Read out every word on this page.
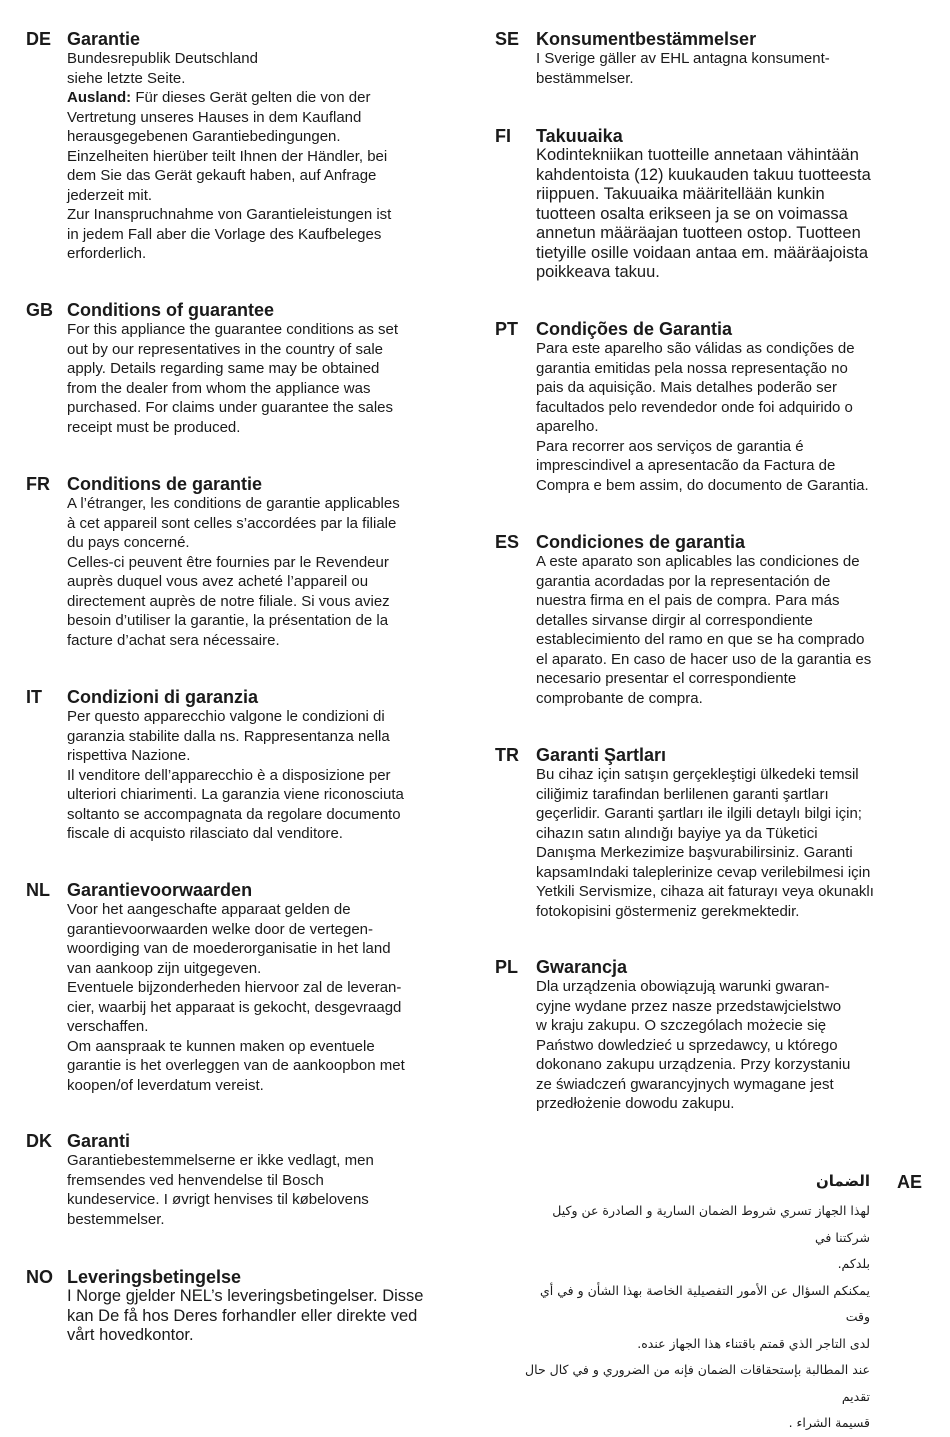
DE Garantie
Bundesrepublik Deutschland
siehe letzte Seite.
Ausland: Für dieses Gerät gelten die von der
Vertretung unseres Hauses in dem Kaufland
herausgegebenen Garantiebedingungen.
Einzelheiten hierüber teilt Ihnen der Händler, bei
dem Sie das Gerät gekauft haben, auf Anfrage
jederzeit mit.
Zur Inanspruchnahme von Garantieleistungen ist
in jedem Fall aber die Vorlage des Kaufbeleges
erforderlich.
GB Conditions of guarantee
For this appliance the guarantee conditions as set
out by our representatives in the country of sale
apply. Details regarding same may be obtained
from the dealer from whom the appliance was
purchased. For claims under guarantee the sales
receipt must be produced.
FR Conditions de garantie
A l’étranger, les conditions de garantie applicables
à cet appareil sont celles s’accordées par la filiale
du pays concerné.
Celles-ci peuvent être fournies par le Revendeur
auprès duquel vous avez acheté l’appareil ou
directement auprès de notre filiale. Si vous aviez
besoin d’utiliser la garantie, la présentation de la
facture d’achat sera nécessaire.
IT Condizioni di garanzia
Per questo apparecchio valgone le condizioni di
garanzia stabilite dalla ns. Rappresentanza nella
rispettiva Nazione.
Il venditore dell’apparecchio è a disposizione per
ulteriori chiarimenti. La garanzia viene riconosciuta
soltanto se accompagnata da regolare documento
fiscale di acquisto rilasciato dal venditore.
NL Garantievoorwaarden
Voor het aangeschafte apparaat gelden de
garantievoorwaarden welke door de vertegen-
woordiging van de moederorganisatie in het land
van aankoop zijn uitgegeven.
Eventuele bijzonderheden hiervoor zal de leveran-
cier, waarbij het apparaat is gekocht, desgevraagd
verschaffen.
Om aanspraak te kunnen maken op eventuele
garantie is het overleggen van de aankoopbon met
koopen/of leverdatum vereist.
DK Garanti
Garantiebestemmelserne er ikke vedlagt, men
fremsendes ved henvendelse til Bosch
kundeservice. I øvrigt henvises til købelovens
bestemmelser.
NO Leveringsbetingelse
I Norge gjelder NEL’s leveringsbetingelser. Disse
kan De få hos Deres forhandler eller direkte ved
vårt hovedkontor.
SE Konsumentbestämmelser
I Sverige gäller av EHL antagna konsument-
bestämmelser.
FI Takuuaika
Kodintekniikan tuotteille annetaan vähintään
kahdentoista (12) kuukauden takuu tuotteesta
riippuen. Takuuaika määritellään kunkin
tuotteen osalta erikseen ja se on voimassa
annetun määräajan tuotteen ostop. Tuotteen
tietyille osille voidaan antaa em. määräajoista
poikkeava takuu.
PT Condições de Garantia
Para este aparelho são válidas as condições de
garantia emitidas pela nossa representação no
pais da aquisição. Mais detalhes poderão ser
facultados pelo revendedor onde foi adquirido o
aparelho.
Para recorrer aos serviços de garantia é
imprescindivel a apresentacão da Factura de
Compra e bem assim, do documento de Garantia.
ES Condiciones de garantia
A este aparato son aplicables las condiciones de
garantia acordadas por la representación de
nuestra firma en el pais de compra. Para más
detalles sirvanse dirgir al correspondiente
establecimiento del ramo en que se ha comprado
el aparato. En caso de hacer uso de la garantia es
necesario presentar el correspondiente
comprobante de compra.
TR Garanti Şartları
Bu cihaz için satışın gerçekleştigi ülkedeki temsil
ciliğimiz tarafindan berlilenen garanti şartları
geçerlidir. Garanti şartları ile ilgili detaylı bilgi için;
cihazın satın alındığı bayiye ya da Tüketici
Danışma Merkezimize başvurabilirsiniz. Garanti
kapsamIndaki taleplerinize cevap verilebilmesi için
Yetkili Servismize, cihaza ait faturayı veya okunaklı
fotokopisini göstermeniz gerekmektedir.
PL Gwarancja
Dla urządzenia obowiązują warunki gwaran-
cyjne wydane przez nasze przedstawjcielstwo
w kraju zakupu. O szczególach możecie się
Państwo dowledzieć u sprzedawcy, u którego
dokonano zakupu urządzenia. Przy korzystaniu
ze świadczeń gwarancyjnych wymagane jest
przedłożenie dowodu zakupu.
AE
الضمان
لهذا الجهاز تسري شروط الضمان السارية و الصادرة عن وكيل شركتنا في
بلدكم.
يمكنكم السؤال عن الأمور التفصيلية الخاصة بهذا الشأن و في أي وقت
لدى التاجر الذي قمتم باقتناء هذا الجهاز عنده.
عند المطالبة بإستحقاقات الضمان فإنه من الضروري و في كال حال تقديم
قسيمة الشراء .
